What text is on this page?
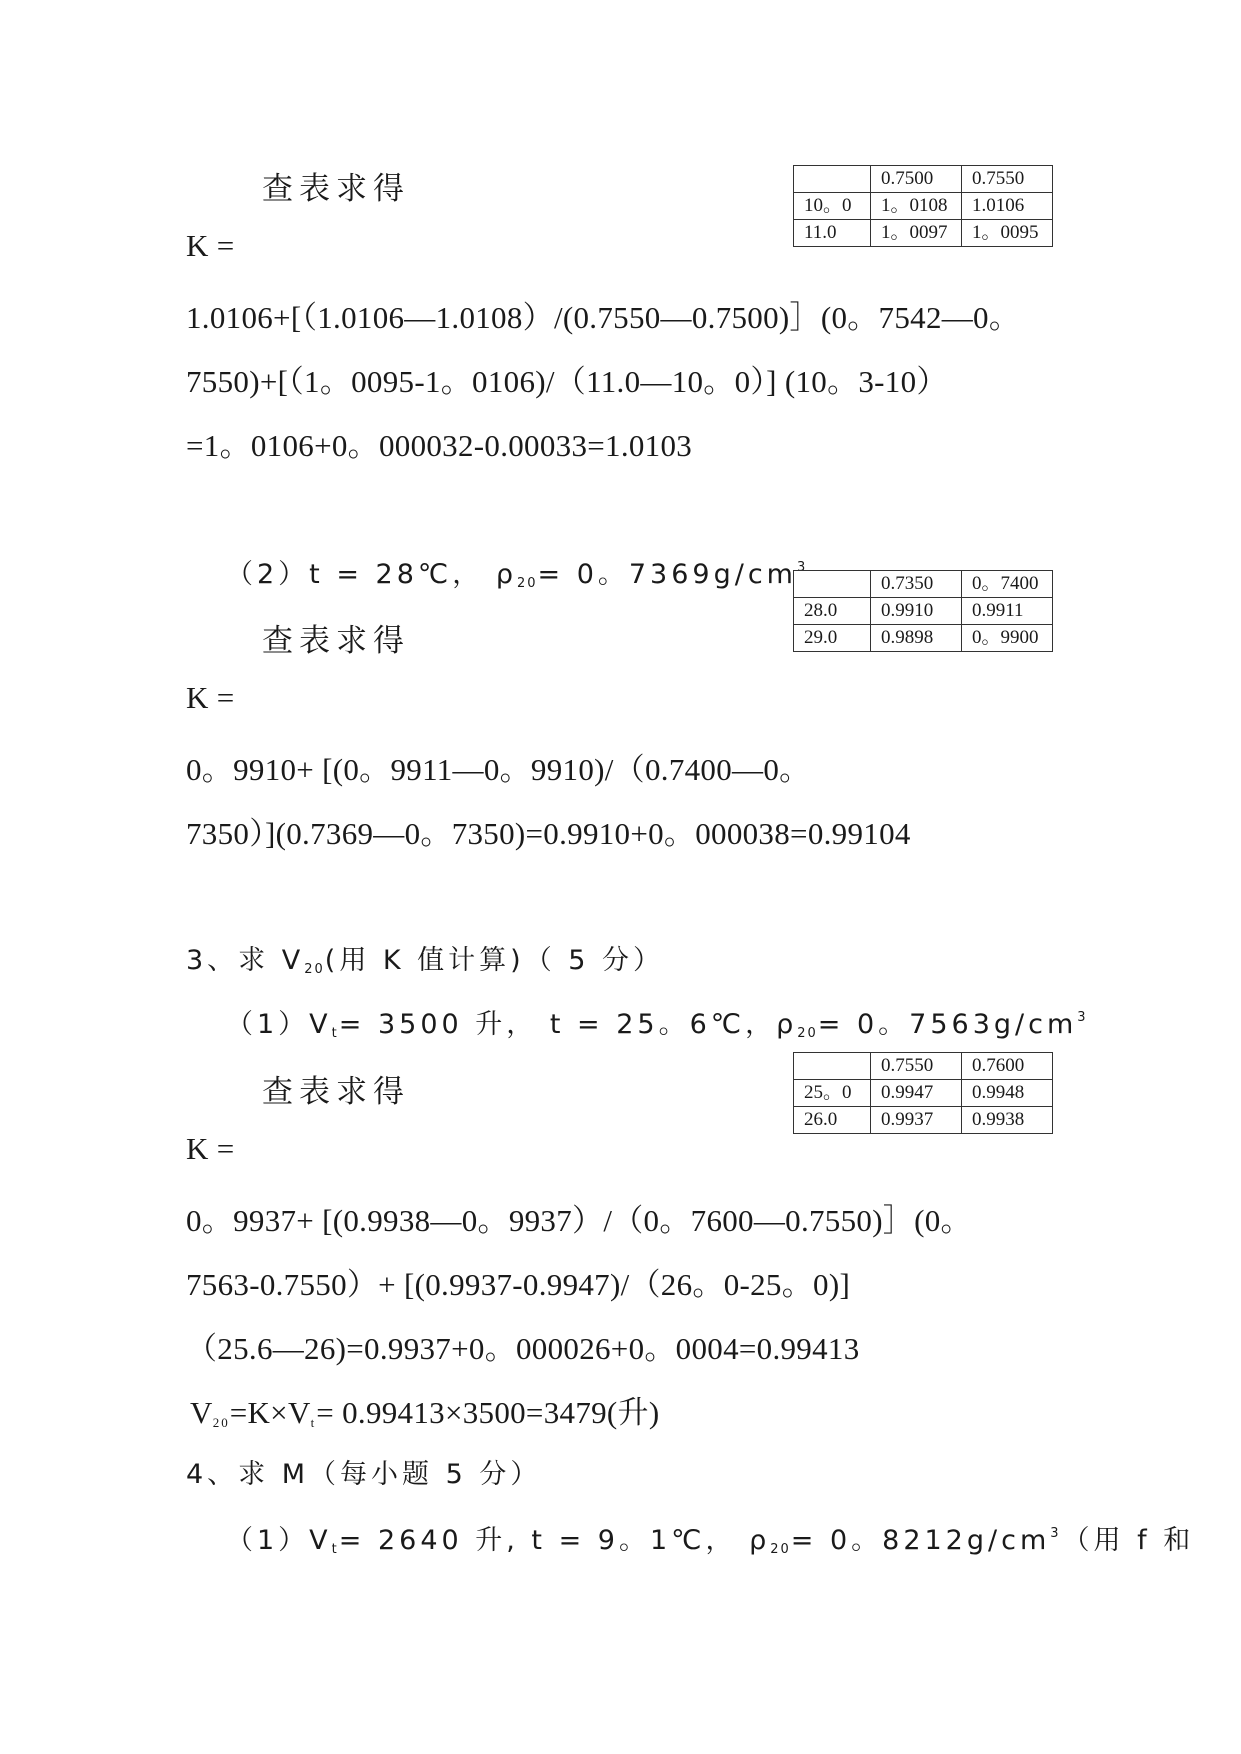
查表求得
		0.7500	0.7550
10。0	1。0108	1.0106
11.0	1。0097	1。0095
K =
1.0106+[（1.0106—1.0108）/(0.7550—0.7500)］(0。7542—0。
7550)+[（1。0095-1。0106)/（11.0—10。0）] (10。3-10）
=1。0106+0。000032-0.00033=1.0103
（2）t = 28℃， $\rho_{20}= 0$。$7369g/cm^3$
	0.7350	0。7400
28.0	0.9910	0.9911
29.0	0.9898	0。9900
查表求得
K =
0。9910+ [(0。9911—0。9910)/（0.7400—0。
7350）](0.7369—0。7350)=0.9910+0。000038=0.99104
3、求 $V_{20}$(用 K 值计算)（ 5 分）
$(1)V_t= 3500$ 升， t = 25。6℃，$\rho_{20}= 0$。$7563g/cm^3$
	0.7550	0.7600
25。0	0.9947	0.9948
26.0	0.9937	0.9938
查表求得
K =
0。9937+ [(0.9938—0。9937）/（0。7600—0.7550)］(0。
7563-0.7550）+ [(0.9937-0.9947)/（26。0-25。0)]
（25.6—26)=0.9937+0。000026+0。0004=0.99413
$V_{20}=K\times V_t= 0.99413\times 3500=3479$(升)
4、求 M（每小题 5 分）
$(1)V_t= 2640$ 升, t = 9。1℃， $\rho_{20}= 0$。$8212g/cm^3$（用 f 和
